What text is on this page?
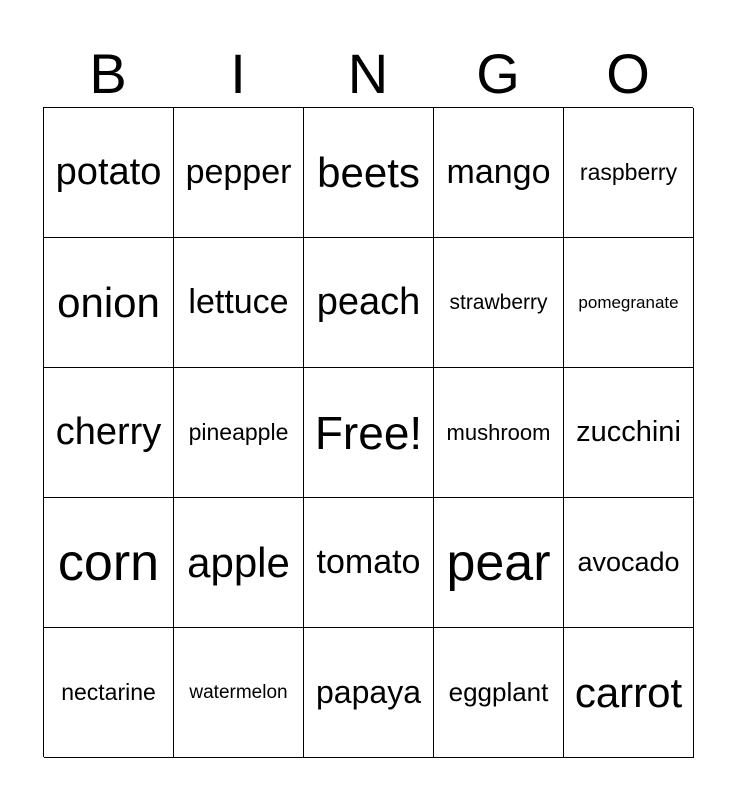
B	I	N	G	O
potato pepper beets mango raspberry
onion lettuce peach strawberry pomegranate
cherry pineapple Free! mushroom zucchini
corn apple tomato pear avocado
nectarine watermelon papaya eggplant carrot
